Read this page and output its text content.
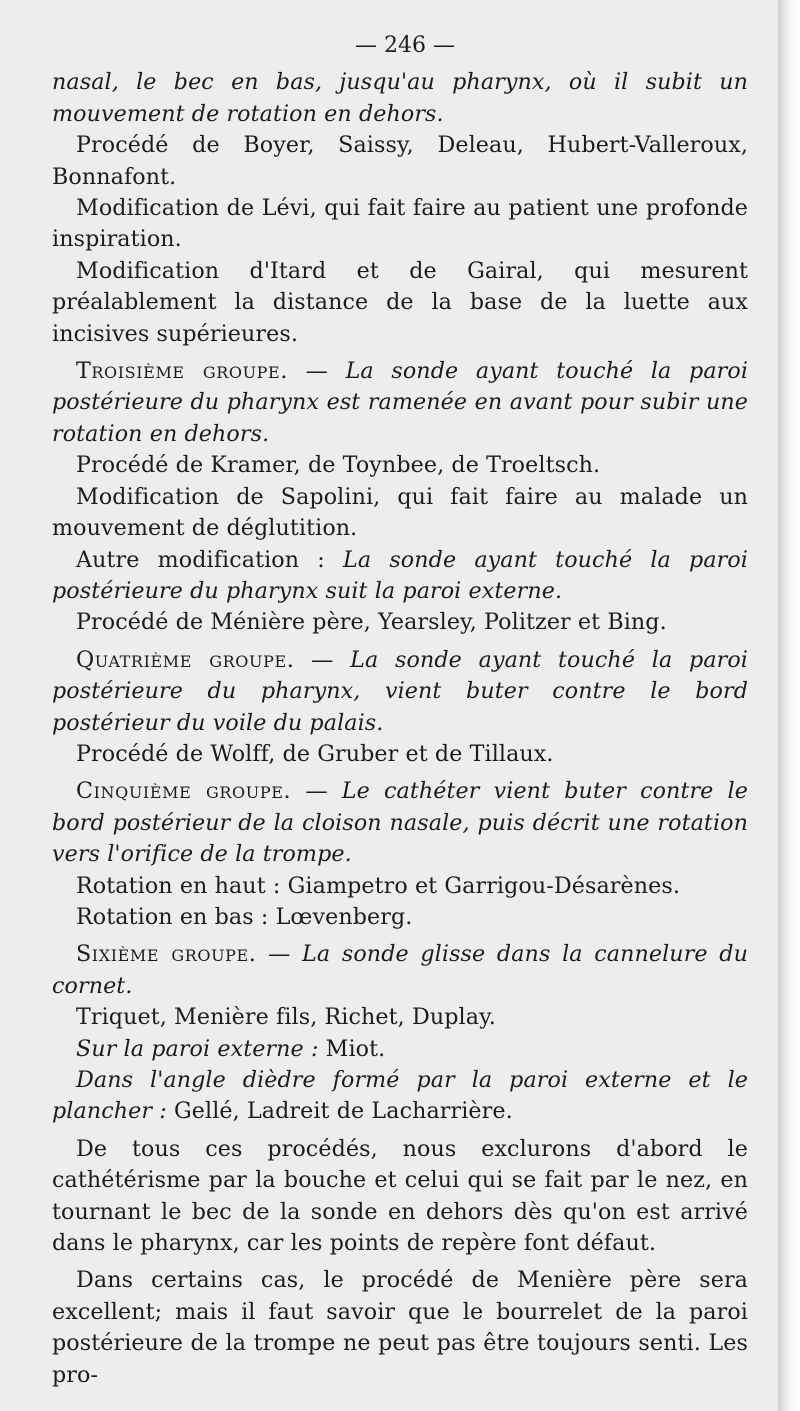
— 246 —

nasal, le bec en bas, jusqu'au pharynx, où il subit un mouvement de rotation en dehors.

Procédé de Boyer, Saissy, Deleau, Hubert-Valleroux, Bonnafont.

Modification de Lévi, qui fait faire au patient une profonde inspiration.

Modification d'Itard et de Gairal, qui mesurent préalablement la distance de la base de la luette aux incisives supérieures.

Troisième groupe. — La sonde ayant touché la paroi postérieure du pharynx est ramenée en avant pour subir une rotation en dehors.

Procédé de Kramer, de Toynbee, de Troeltsch.

Modification de Sapolini, qui fait faire au malade un mouvement de déglutition.

Autre modification : La sonde ayant touché la paroi postérieure du pharynx suit la paroi externe.

Procédé de Ménière père, Yearsley, Politzer et Bing.

Quatrième groupe. — La sonde ayant touché la paroi postérieure du pharynx, vient buter contre le bord postérieur du voile du palais.

Procédé de Wolff, de Gruber et de Tillaux.

Cinquième groupe. — Le cathéter vient buter contre le bord postérieur de la cloison nasale, puis décrit une rotation vers l'orifice de la trompe.

Rotation en haut : Giampetro et Garrigou-Désarènes.

Rotation en bas : Lœvenberg.

Sixième groupe. — La sonde glisse dans la cannelure du cornet.

Triquet, Menière fils, Richet, Duplay.

Sur la paroi externe : Miot.

Dans l'angle dièdre formé par la paroi externe et le plancher : Gellé, Ladreit de Lacharrière.

De tous ces procédés, nous exclurons d'abord le cathétérisme par la bouche et celui qui se fait par le nez, en tournant le bec de la sonde en dehors dès qu'on est arrivé dans le pharynx, car les points de repère font défaut.

Dans certains cas, le procédé de Menière père sera excellent; mais il faut savoir que le bourrelet de la paroi postérieure de la trompe ne peut pas être toujours senti. Les pro-
